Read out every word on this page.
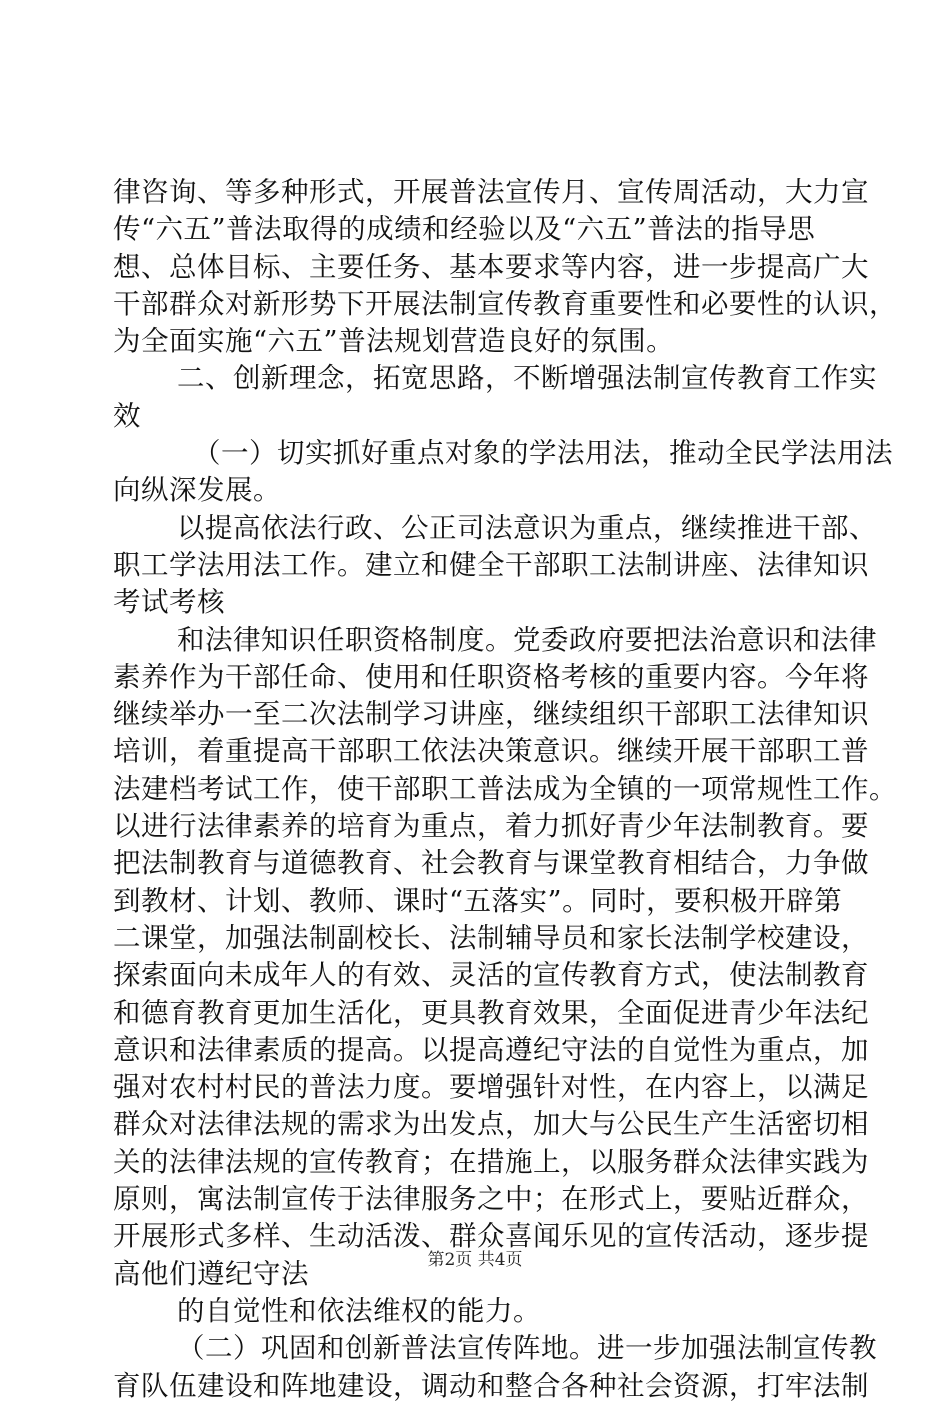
律咨询、等多种形式，开展普法宣传月、宣传周活动，大力宣
传“六五”普法取得的成绩和经验以及“六五”普法的指导思
想、总体目标、主要任务、基本要求等内容，进一步提高广大
干部群众对新形势下开展法制宣传教育重要性和必要性的认识，
为全面实施“六五”普法规划营造良好的氛围。
二、创新理念，拓宽思路，不断增强法制宣传教育工作实
效
（一）切实抓好重点对象的学法用法，推动全民学法用法
向纵深发展。
以提高依法行政、公正司法意识为重点，继续推进干部、
职工学法用法工作。建立和健全干部职工法制讲座、法律知识
考试考核
和法律知识任职资格制度。党委政府要把法治意识和法律
素养作为干部任命、使用和任职资格考核的重要内容。今年将
继续举办一至二次法制学习讲座，继续组织干部职工法律知识
培训，着重提高干部职工依法决策意识。继续开展干部职工普
法建档考试工作，使干部职工普法成为全镇的一项常规性工作。
以进行法律素养的培育为重点，着力抓好青少年法制教育。要
把法制教育与道德教育、社会教育与课堂教育相结合，力争做
到教材、计划、教师、课时“五落实”。同时，要积极开辟第
二课堂，加强法制副校长、法制辅导员和家长法制学校建设，
探索面向未成年人的有效、灵活的宣传教育方式，使法制教育
和德育教育更加生活化，更具教育效果，全面促进青少年法纪
意识和法律素质的提高。以提高遵纪守法的自觉性为重点，加
强对农村村民的普法力度。要增强针对性，在内容上，以满足
群众对法律法规的需求为出发点，加大与公民生产生活密切相
关的法律法规的宣传教育；在措施上，以服务群众法律实践为
原则，寓法制宣传于法律服务之中；在形式上，要贴近群众，
开展形式多样、生动活泼、群众喜闻乐见的宣传活动，逐步提
高他们遵纪守法
的自觉性和依法维权的能力。
（二）巩固和创新普法宣传阵地。进一步加强法制宣传教
育队伍建设和阵地建设，调动和整合各种社会资源，打牢法制
第2页 共4页
